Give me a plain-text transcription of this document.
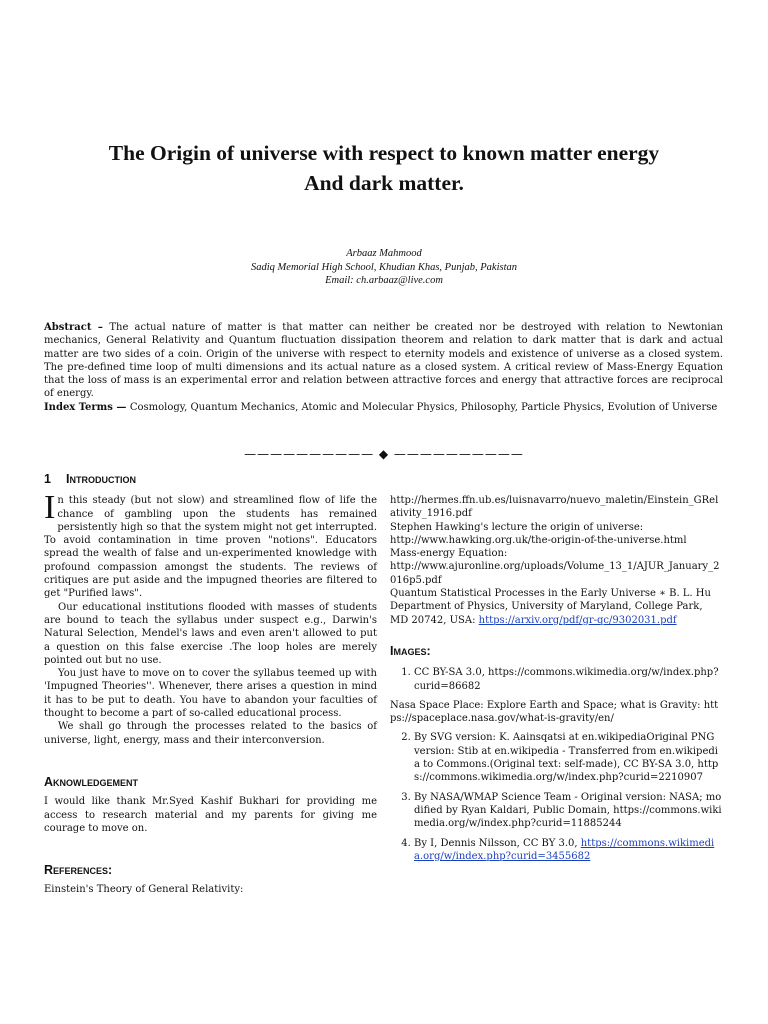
The Origin of universe with respect to known matter energy
And dark matter.
Arbaaz Mahmood
Sadiq Memorial High School, Khudian Khas, Punjab, Pakistan
Email: ch.arbaaz@live.com
Abstract – The actual nature of matter is that matter can neither be created nor be destroyed with relation to Newtonian mechanics, General Relativity and Quantum fluctuation dissipation theorem and relation to dark matter that is dark and actual matter are two sides of a coin. Origin of the universe with respect to eternity models and existence of universe as a closed system. The pre-defined time loop of multi dimensions and its actual nature as a closed system. A critical review of Mass-Energy Equation that the loss of mass is an experimental error and relation between attractive forces and energy that attractive forces are reciprocal of energy.
Index Terms — Cosmology, Quantum Mechanics, Atomic and Molecular Physics, Philosophy, Particle Physics, Evolution of Universe
—————————— ◆ ——————————
1 Introduction

In this steady (but not slow) and streamlined flow of life the chance of gambling upon the students has remained persistently high so that the system might not get interrupted. To avoid contamination in time proven "notions". Educators spread the wealth of false and un-experimented knowledge with profound compassion amongst the students. The reviews of critiques are put aside and the impugned theories are filtered to get "Purified laws".

Our educational institutions flooded with masses of students are bound to teach the syllabus under suspect e.g., Darwin's Natural Selection, Mendel's laws and even aren't allowed to put a question on this false exercise .The loop holes are merely pointed out but no use.

You just have to move on to cover the syllabus teemed up with 'Impugned Theories''. Whenever, there arises a question in mind it has to be put to death. You have to abandon your faculties of thought to become a part of so-called educational process.

We shall go through the processes related to the basics of universe, light, energy, mass and their interconversion.

Aknowledgement

I would like thank Mr.Syed Kashif Bukhari for providing me access to research material and my parents for giving me courage to move on.

References:
Einstein's Theory of General Relativity:
http://hermes.ffn.ub.es/luisnavarro/nuevo_maletin/Einstein_GRelativity_1916.pdf
Stephen Hawking's lecture the origin of universe:
http://www.hawking.org.uk/the-origin-of-the-universe.html
Mass-energy Equation:
http://www.ajuronline.org/uploads/Volume_13_1/AJUR_January_2016p5.pdf
Quantum Statistical Processes in the Early Universe ∗ B. L. Hu Department of Physics, University of Maryland, College Park, MD 20742, USA: https://arxiv.org/pdf/gr-qc/9302031.pdf
Images:
1. CC BY-SA 3.0, https://commons.wikimedia.org/w/index.php?curid=86682
Nasa Space Place: Explore Earth and Space; what is Gravity: https://spaceplace.nasa.gov/what-is-gravity/en/
2. By SVG version: K. Aainsqatsi at en.wikipediaOriginal PNG version: Stib at en.wikipedia - Transferred from en.wikipedia to Commons.(Original text: self-made), CC BY-SA 3.0, https://commons.wikimedia.org/w/index.php?curid=2210907
3. By NASA/WMAP Science Team - Original version: NASA; modified by Ryan Kaldari, Public Domain, https://commons.wikimedia.org/w/index.php?curid=11885244
4. By I, Dennis Nilsson, CC BY 3.0, https://commons.wikimedia.org/w/index.php?curid=3455682
